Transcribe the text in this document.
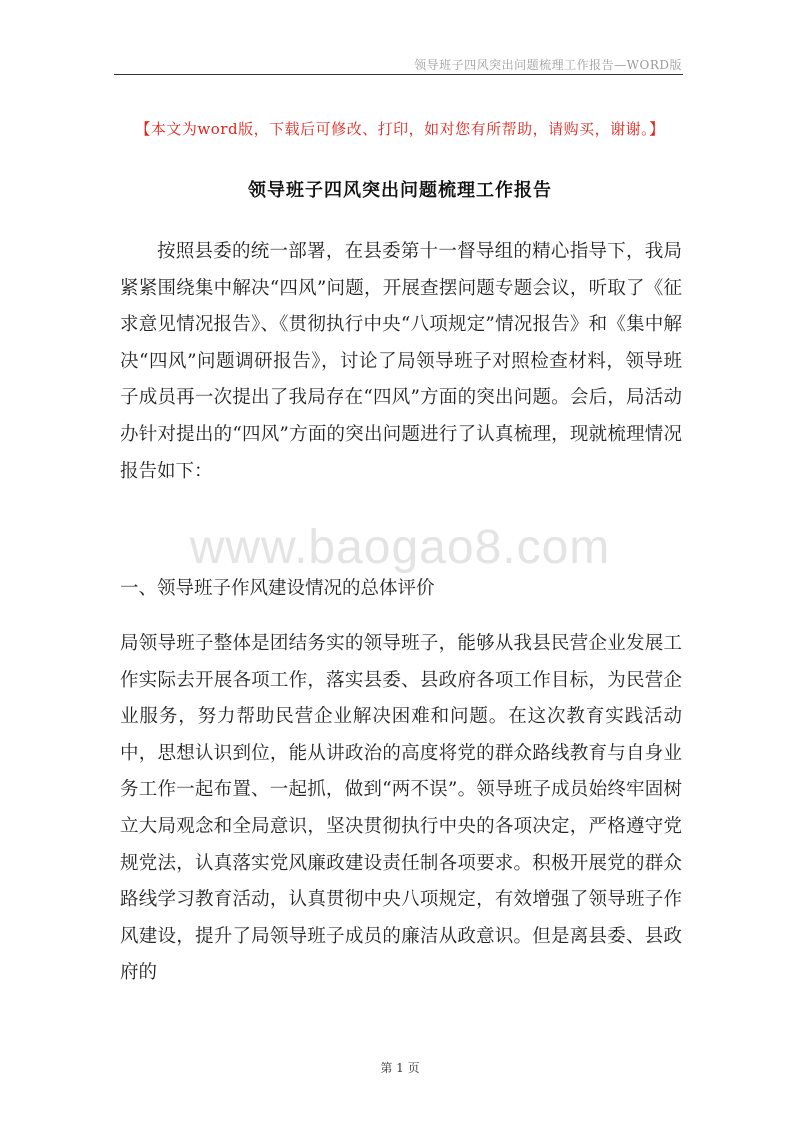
领导班子四风突出问题梳理工作报告—WORD版
【本文为word版，下载后可修改、打印，如对您有所帮助，请购买，谢谢。】
领导班子四风突出问题梳理工作报告

按照县委的统一部署，在县委第十一督导组的精心指导下，我局紧紧围绕集中解决“四风”问题，开展查摆问题专题会议，听取了《征求意见情况报告》、《贯彻执行中央“八项规定”情况报告》和《集中解决“四风”问题调研报告》，讨论了局领导班子对照检查材料，领导班子成员再一次提出了我局存在“四风”方面的突出问题。会后，局活动办针对提出的“四风”方面的突出问题进行了认真梳理，现就梳理情况报告如下：

www.baogao8.com

一、领导班子作风建设情况的总体评价

局领导班子整体是团结务实的领导班子，能够从我县民营企业发展工作实际去开展各项工作，落实县委、县政府各项工作目标，为民营企业服务，努力帮助民营企业解决困难和问题。在这次教育实践活动中，思想认识到位，能从讲政治的高度将党的群众路线教育与自身业务工作一起布置、一起抓，做到“两不误”。领导班子成员始终牢固树立大局观念和全局意识，坚决贯彻执行中央的各项决定，严格遵守党规党法，认真落实党风廉政建设责任制各项要求。积极开展党的群众路线学习教育活动，认真贯彻中央八项规定，有效增强了领导班子作风建设，提升了局领导班子成员的廉洁从政意识。但是离县委、县政府的

第 1 页
